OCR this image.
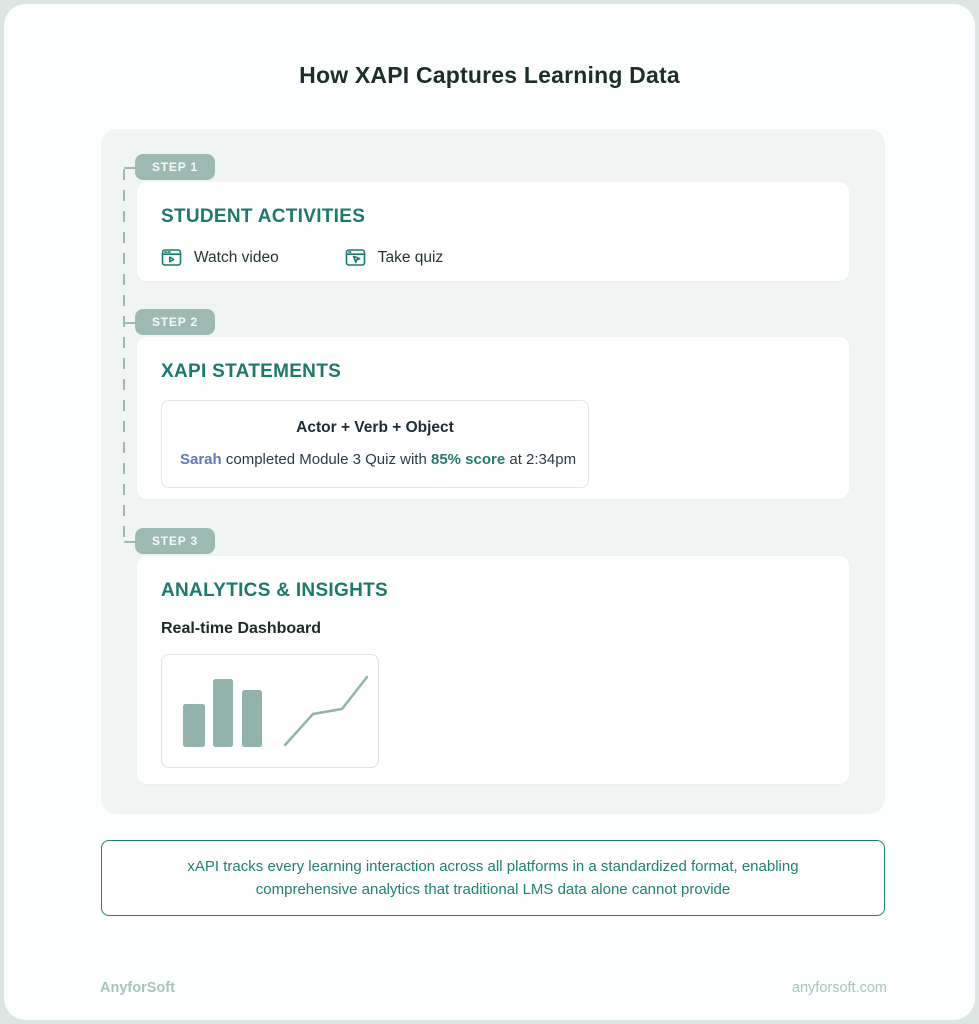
How XAPI Captures Learning Data
STEP 1
STUDENT ACTIVITIES
Watch video	Take quiz
STEP 2
XAPI STATEMENTS
Actor + Verb + Object
Sarah completed Module 3 Quiz with 85% score at 2:34pm
STEP 3
ANALYTICS & INSIGHTS
Real-time Dashboard
xAPI tracks every learning interaction across all platforms in a standardized format, enabling comprehensive analytics that traditional LMS data alone cannot provide
AnyforSoft	anyforsoft.com
